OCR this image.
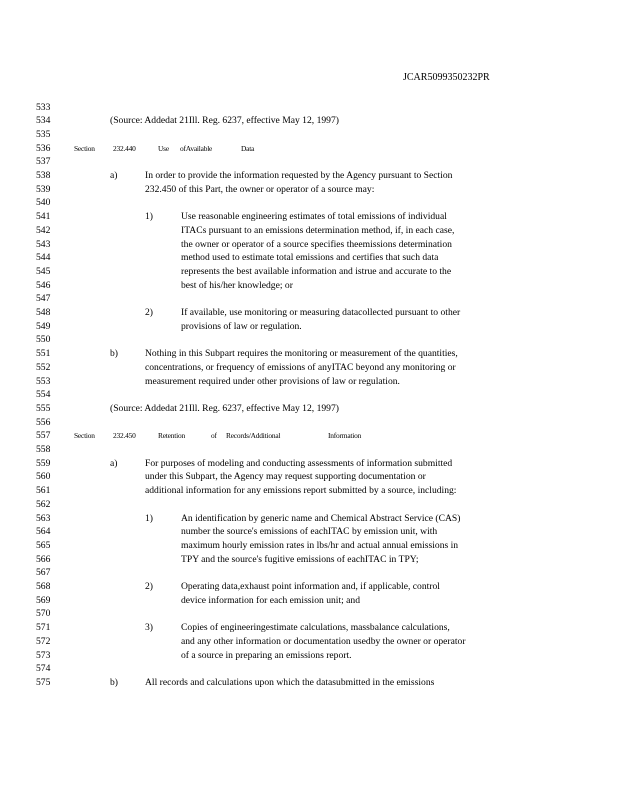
JCAR5099350232PR
533
534	(Source: Addedat 21Ill. Reg. 6237, effective May 12, 1997)
535
536	Section 232.440	Use ofAvailable	Data
537
538	a)	In order to provide the information requested by the Agency pursuant to Section
539	232.450 of this Part, the owner or operator of a source may:
540
541	1)	Use reasonable engineering estimates of total emissions of individual
542	ITACs pursuant to an emissions determination method, if, in each case,
543	the owner or operator of a source specifies theemissions determination
544	method used to estimate total emissions and certifies that such data
545	represents the best available information and istrue and accurate to the
546	best of his/her knowledge; or
547
548	2)	If available, use monitoring or measuring datacollected pursuant to other
549	provisions of law or regulation.
550
551	b)	Nothing in this Subpart requires the monitoring or measurement of the quantities,
552	concentrations, or frequency of emissions of anyITAC beyond any monitoring or
553	measurement required under other provisions of law or regulation.
554
555	(Source: Addedat 21Ill. Reg. 6237, effective May 12, 1997)
556
557	Section 232.450	Retention	of Records/Additional	Information
558
559	a)	For purposes of modeling and conducting assessments of information submitted
560	under this Subpart, the Agency may request supporting documentation or
561	additional information for any emissions report submitted by a source, including:
562
563	1)	An identification by generic name and Chemical Abstract Service (CAS)
564	number the source's emissions of eachITAC by emission unit, with
565	maximum hourly emission rates in lbs/hr and actual annual emissions in
566	TPY and the source's fugitive emissions of eachITAC in TPY;
567
568	2)	Operating data,exhaust point information and, if applicable, control
569	device information for each emission unit; and
570
571	3)	Copies of engineeringestimate calculations, massbalance calculations,
572	and any other information or documentation usedby the owner or operator
573	of a source in preparing an emissions report.
574
575	b)	All records and calculations upon which the datasubmitted in the emissions
